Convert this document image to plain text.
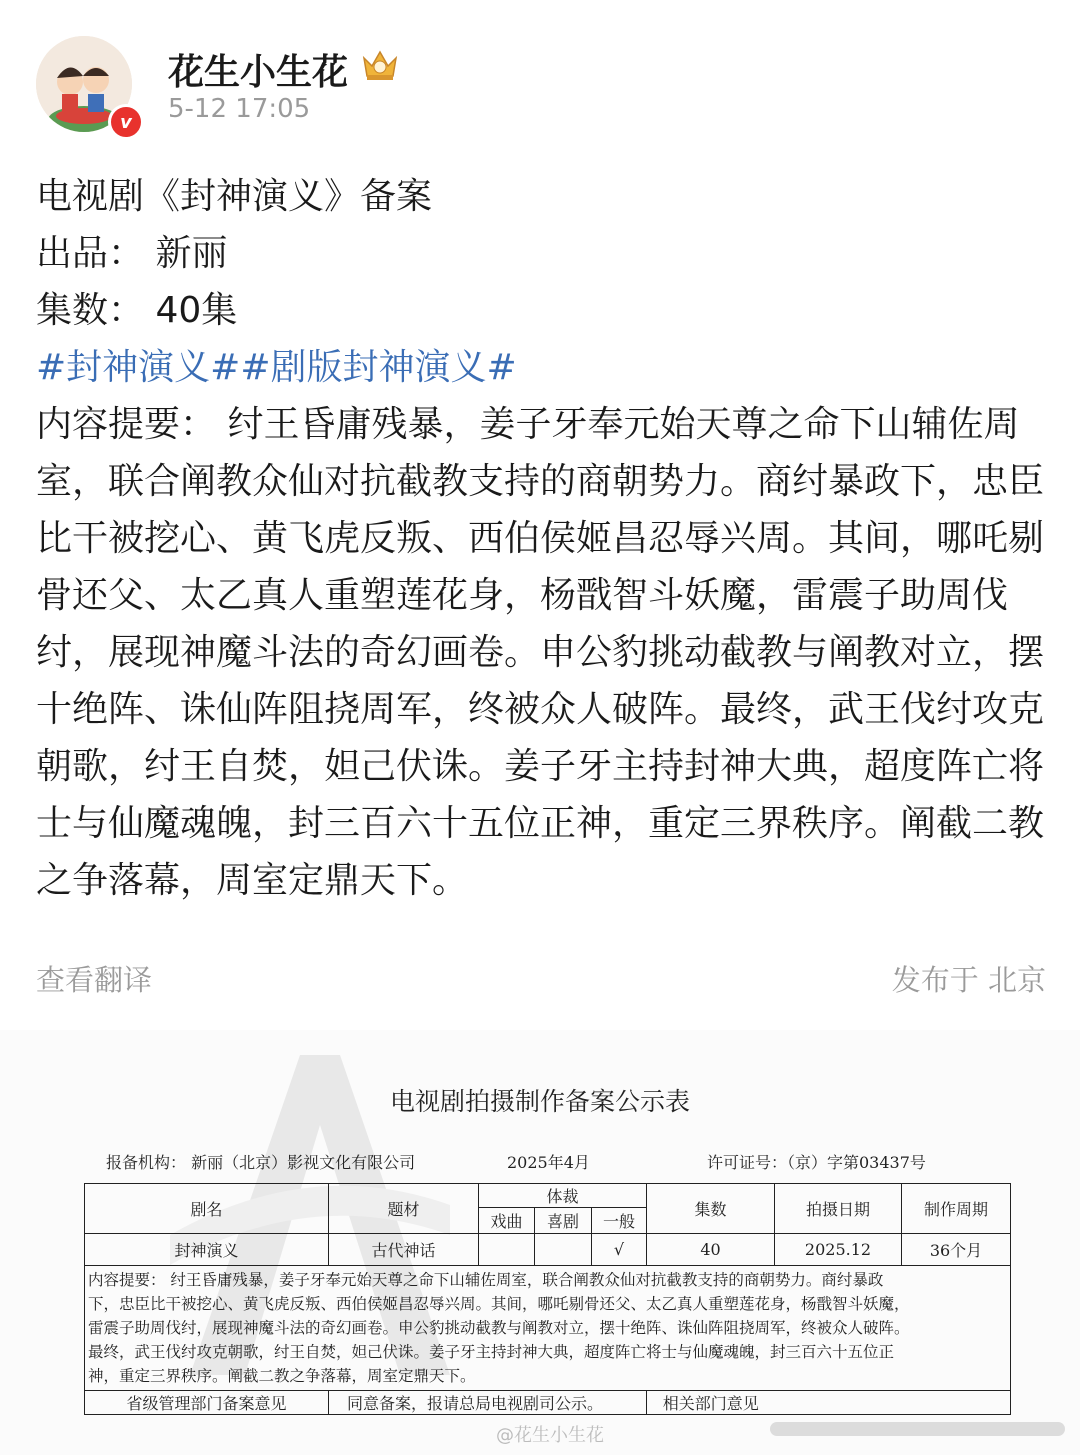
v
花生小生花
5-12 17:05

电视剧《封神演义》备案

出品： 新丽

集数： 40集

#封神演义##剧版封神演义#

内容提要： 纣王昏庸残暴，姜子牙奉元始天尊之命下山辅佐周室，联合阐教众仙对抗截教支持的商朝势力。商纣暴政下，忠臣比干被挖心、黄飞虎反叛、西伯侯姬昌忍辱兴周。其间，哪吒剔骨还父、太乙真人重塑莲花身，杨戬智斗妖魔，雷震子助周伐纣，展现神魔斗法的奇幻画卷。申公豹挑动截教与阐教对立，摆十绝阵、诛仙阵阻挠周军，终被众人破阵。最终，武王伐纣攻克朝歌，纣王自焚，妲己伏诛。姜子牙主持封神大典，超度阵亡将士与仙魔魂魄，封三百六十五位正神，重定三界秩序。阐截二教之争落幕，周室定鼎天下。

查看翻译	发布于 北京
电视剧拍摄制作备案公示表
报备机构： 新丽（北京）影视文化有限公司	2025年4月	许可证号：（京）字第03437号
剧名	题材	体裁			集数	拍摄日期	制作周期
		戏曲	喜剧	一般			
封神演义	古代神话			√	40	2025.12	36个月

内容提要： 纣王昏庸残暴，姜子牙奉元始天尊之命下山辅佐周室，联合阐教众仙对抗截教支持的商朝势力。商纣暴政
下，忠臣比干被挖心、黄飞虎反叛、西伯侯姬昌忍辱兴周。其间，哪吒剔骨还父、太乙真人重塑莲花身，杨戬智斗妖魔，
雷震子助周伐纣，展现神魔斗法的奇幻画卷。申公豹挑动截教与阐教对立，摆十绝阵、诛仙阵阻挠周军，终被众人破阵。
最终，武王伐纣攻克朝歌，纣王自焚，妲己伏诛。姜子牙主持封神大典，超度阵亡将士与仙魔魂魄，封三百六十五位正
神，重定三界秩序。阐截二教之争落幕，周室定鼎天下。							

省级管理部门备案意见	同意备案，报请总局电视剧司公示。				相关部门意见		
@花生小生花
